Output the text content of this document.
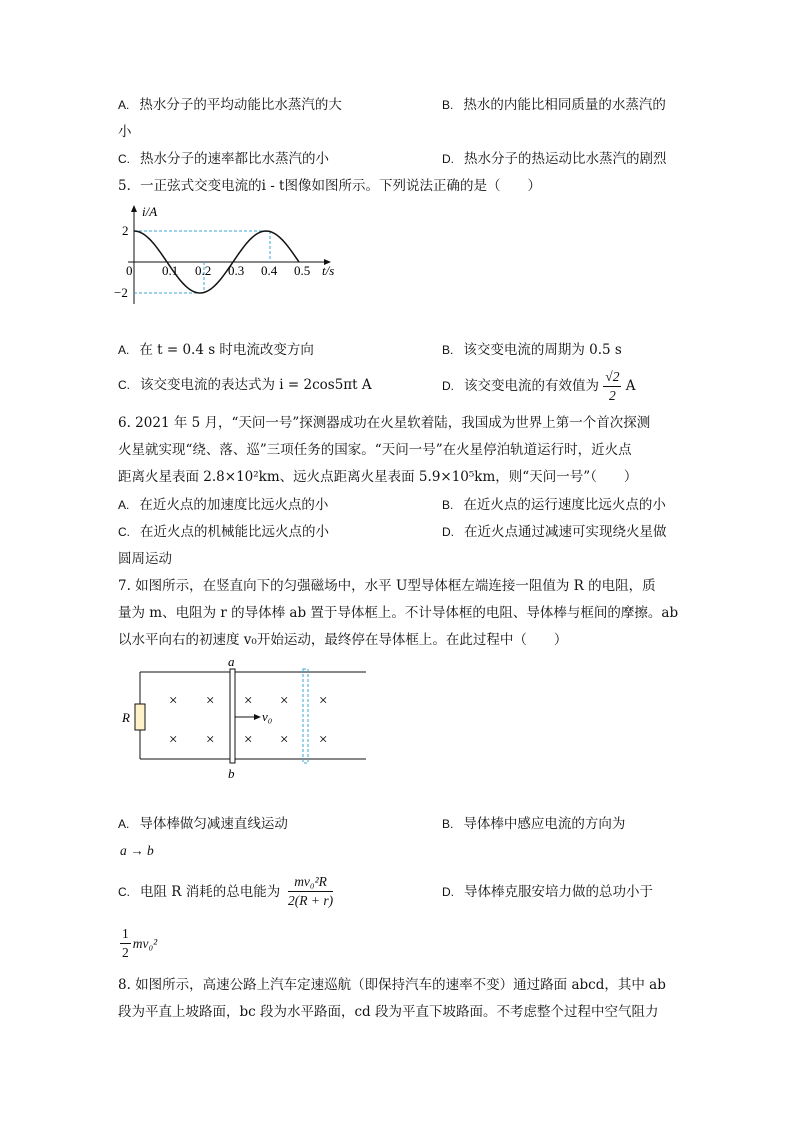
A. 热水分子的平均动能比水蒸汽的大	B. 热水的内能比相同质量的水蒸汽的
小
C. 热水分子的速率都比水蒸汽的小	D. 热水分子的热运动比水蒸汽的剧烈
5．一正弦式交变电流的i - t图像如图所示。下列说法正确的是（　　）
i/A
t/s
0
2
−2
0.1 0.2 0.3 0.4 0.5
A. 在 t = 0.4 s 时电流改变方向	B. 该交变电流的周期为 0.5 s
C. 该交变电流的表达式为 i = 2cos5πt A	D. 该交变电流的有效值为 $\frac{√2}{2}$ A
6. 2021 年 5 月，“天问一号”探测器成功在火星软着陆，我国成为世界上第一个首次探测
火星就实现“绕、落、巡”三项任务的国家。“天问一号”在火星停泊轨道运行时，近火点
距离火星表面 2.8×10²km、远火点距离火星表面 5.9×10⁵km，则“天问一号”（　　）
A. 在近火点的加速度比远火点的小	B. 在近火点的运行速度比远火点的小
C. 在近火点的机械能比远火点的小	D. 在近火点通过减速可实现绕火星做
圆周运动
7. 如图所示，在竖直向下的匀强磁场中，水平 U型导体框左端连接一阻值为 R 的电阻，质
量为 m、电阻为 r 的导体棒 ab 置于导体框上。不计导体框的电阻、导体棒与框间的摩擦。ab
以水平向右的初速度 v₀开始运动，最终停在导体框上。在此过程中（　　）
R
a
b
v₀
× × × × ×
× × × × ×
A. 导体棒做匀减速直线运动	B. 导体棒中感应电流的方向为
a → b
C. 电阻 R 消耗的总电能为 $\frac{\text{mv₀²R}}{2(R + r)}$	D. 导体棒克服安培力做的总功小于
$\frac{1}{2} mv_0^2$
8. 如图所示，高速公路上汽车定速巡航（即保持汽车的速率不变）通过路面 abcd，其中 ab
段为平直上坡路面，bc 段为水平路面，cd 段为平直下坡路面。不考虑整个过程中空气阻力
